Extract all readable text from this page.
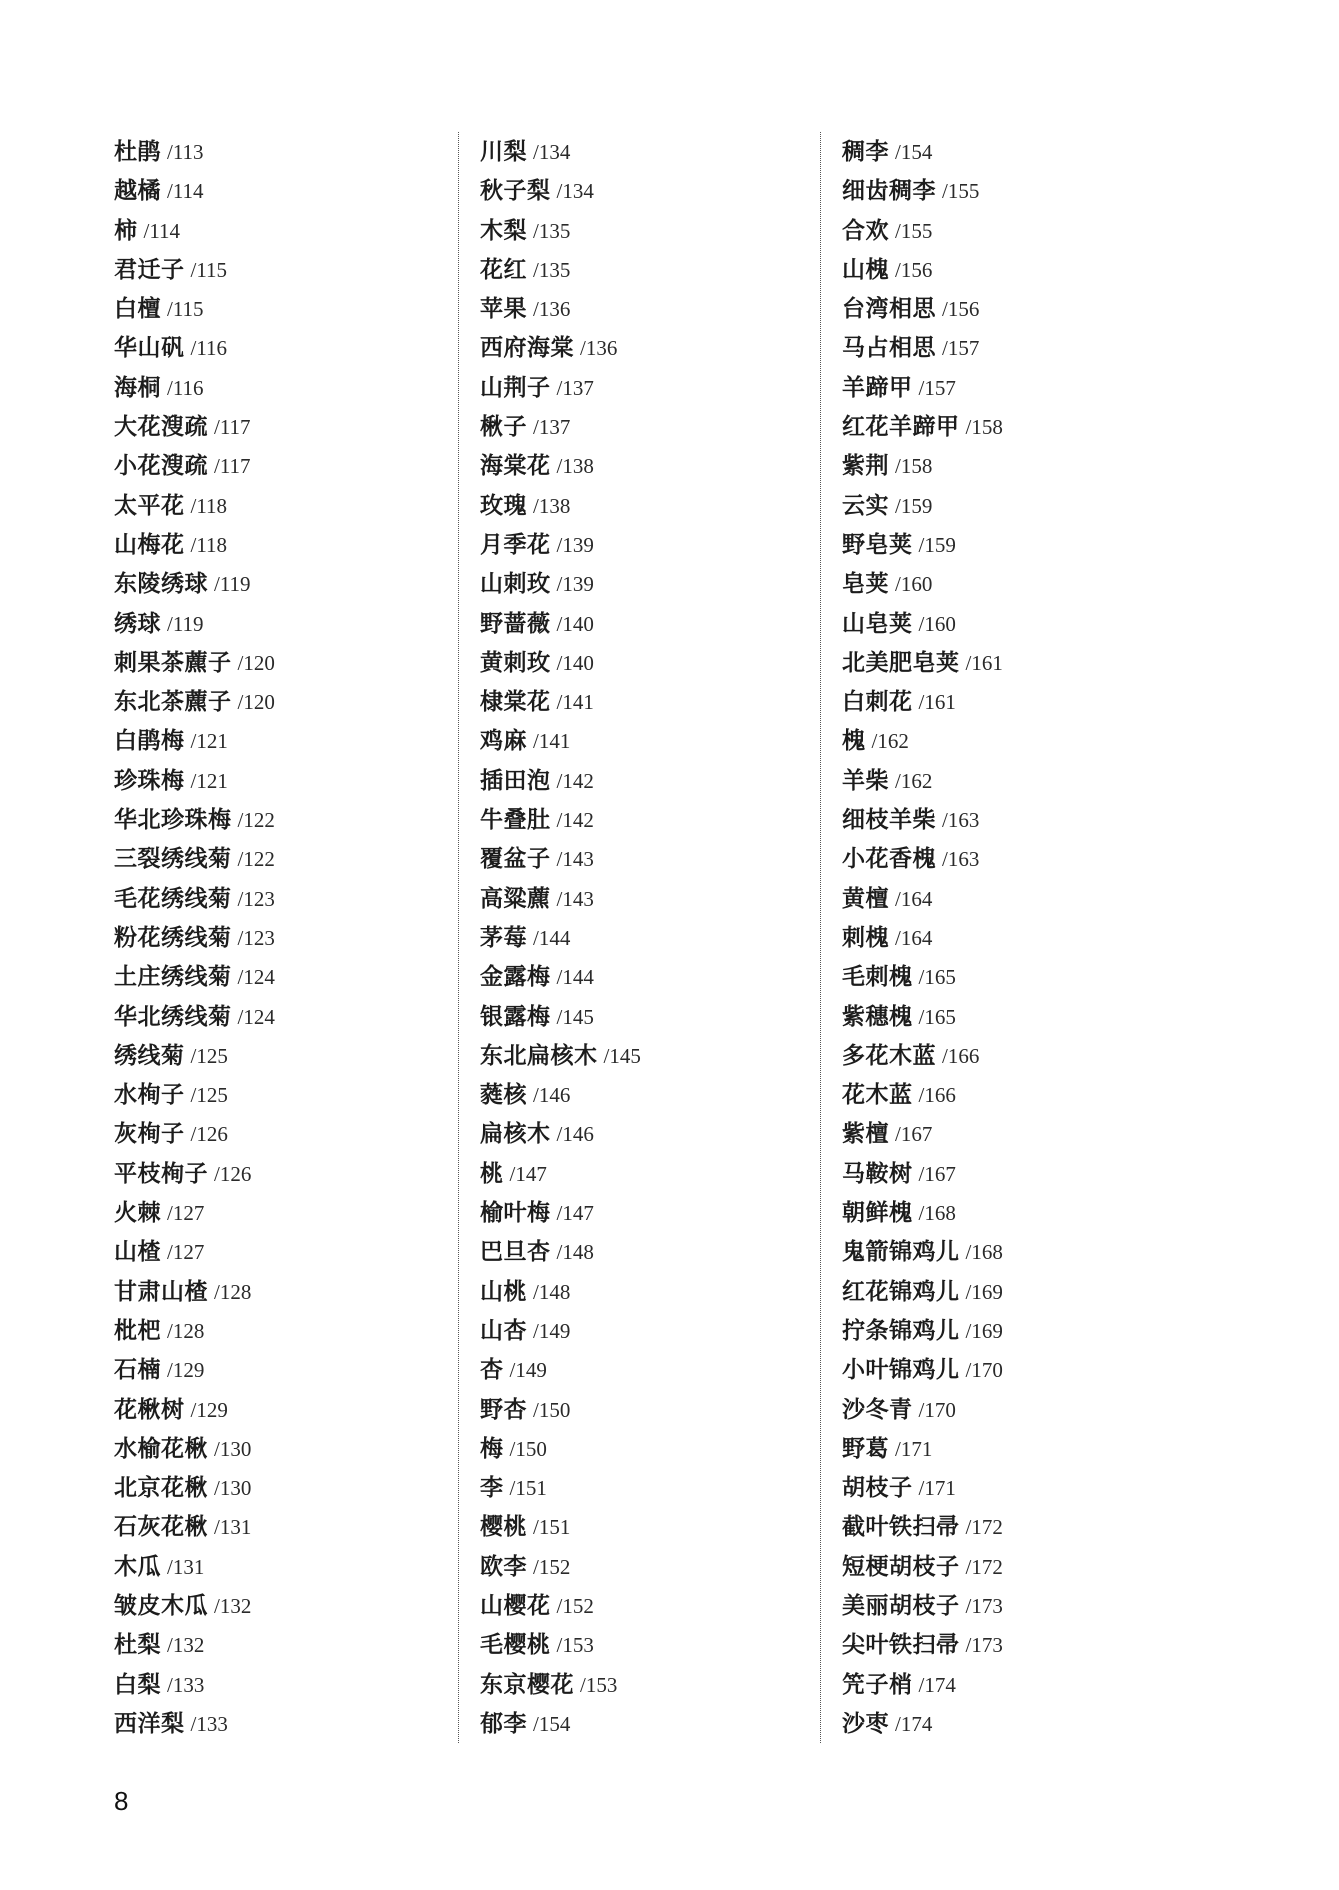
杜鹃 /113
越橘 /114
柿 /114
君迁子 /115
白檀 /115
华山矾 /116
海桐 /116
大花溲疏 /117
小花溲疏 /117
太平花 /118
山梅花 /118
东陵绣球 /119
绣球 /119
刺果茶藨子 /120
东北茶藨子 /120
白鹃梅 /121
珍珠梅 /121
华北珍珠梅 /122
三裂绣线菊 /122
毛花绣线菊 /123
粉花绣线菊 /123
土庄绣线菊 /124
华北绣线菊 /124
绣线菊 /125
水栒子 /125
灰栒子 /126
平枝栒子 /126
火棘 /127
山楂 /127
甘肃山楂 /128
枇杷 /128
石楠 /129
花楸树 /129
水榆花楸 /130
北京花楸 /130
石灰花楸 /131
木瓜 /131
皱皮木瓜 /132
杜梨 /132
白梨 /133
西洋梨 /133
川梨 /134
秋子梨 /134
木梨 /135
花红 /135
苹果 /136
西府海棠 /136
山荆子 /137
楸子 /137
海棠花 /138
玫瑰 /138
月季花 /139
山刺玫 /139
野蔷薇 /140
黄刺玫 /140
棣棠花 /141
鸡麻 /141
插田泡 /142
牛叠肚 /142
覆盆子 /143
高粱藨 /143
茅莓 /144
金露梅 /144
银露梅 /145
东北扁核木 /145
蕤核 /146
扁核木 /146
桃 /147
榆叶梅 /147
巴旦杏 /148
山桃 /148
山杏 /149
杏 /149
野杏 /150
梅 /150
李 /151
樱桃 /151
欧李 /152
山樱花 /152
毛樱桃 /153
东京樱花 /153
郁李 /154
稠李 /154
细齿稠李 /155
合欢 /155
山槐 /156
台湾相思 /156
马占相思 /157
羊蹄甲 /157
红花羊蹄甲 /158
紫荆 /158
云实 /159
野皂荚 /159
皂荚 /160
山皂荚 /160
北美肥皂荚 /161
白刺花 /161
槐 /162
羊柴 /162
细枝羊柴 /163
小花香槐 /163
黄檀 /164
刺槐 /164
毛刺槐 /165
紫穗槐 /165
多花木蓝 /166
花木蓝 /166
紫檀 /167
马鞍树 /167
朝鲜槐 /168
鬼箭锦鸡儿 /168
红花锦鸡儿 /169
拧条锦鸡儿 /169
小叶锦鸡儿 /170
沙冬青 /170
野葛 /171
胡枝子 /171
截叶铁扫帚 /172
短梗胡枝子 /172
美丽胡枝子 /173
尖叶铁扫帚 /173
笐子梢 /174
沙枣 /174
8
